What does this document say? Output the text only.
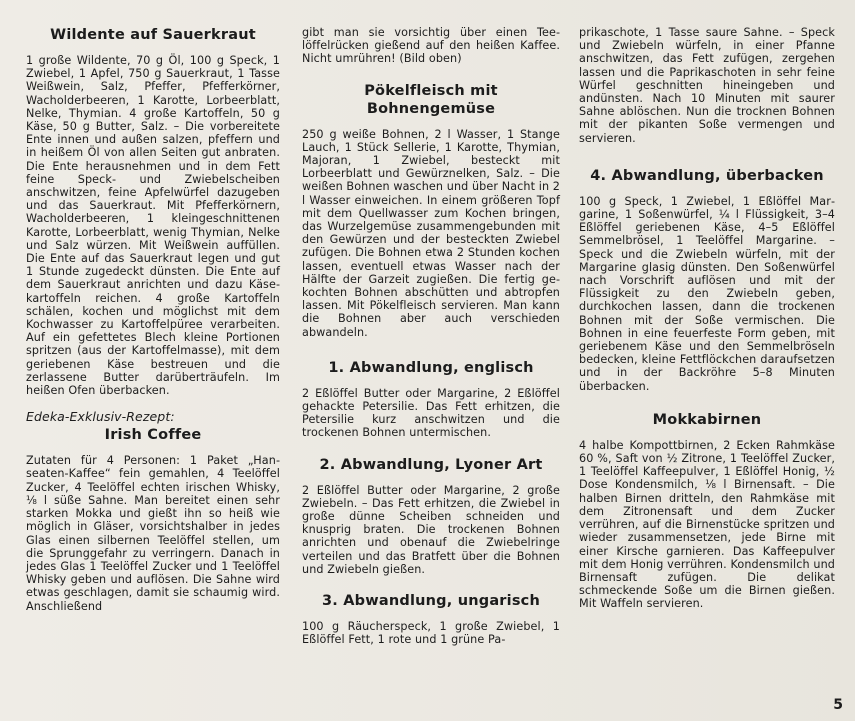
Wildente auf Sauerkraut

1 große Wildente, 70 g Öl, 100 g Speck, 1 Zwiebel, 1 Apfel, 750 g Sauerkraut, 1 Tasse Weißwein, Salz, Pfeffer, Pfefferkörner, Wacholderbeeren, 1 Karotte, Lorbeerblatt, Nelke, Thymian. 4 große Kartoffeln, 50 g Käse, 50 g Butter, Salz. – Die vorbereitete Ente innen und außen salzen, pfeffern und in heißem Öl von allen Seiten gut anbraten. Die Ente herausnehmen und in dem Fett feine Speck- und Zwiebelscheiben anschwitzen, feine Apfelwürfel dazugeben und das Sauerkraut. Mit Pfefferkörnern, Wacholderbeeren, 1 kleingeschnittenen Karotte, Lorbeerblatt, wenig Thymian, Nelke und Salz würzen. Mit Weißwein auffüllen. Die Ente auf das Sauerkraut legen und gut 1 Stunde zugedeckt dünsten. Die Ente auf dem Sauerkraut anrichten und dazu Käsekartoffeln reichen. 4 große Kartoffeln schälen, kochen und möglichst mit dem Kochwasser zu Kartoffelpüree verarbeiten. Auf ein gefettetes Blech kleine Portionen spritzen (aus der Kartoffelmasse), mit dem geriebenen Käse bestreuen und die zerlassene Butter darüberträufeln. Im heißen Ofen überbacken.

Edeka-Exklusiv-Rezept:
Irish Coffee

Zutaten für 4 Personen: 1 Paket „Hanseaten-Kaffee“ fein gemahlen, 4 Teelöffel Zucker, 4 Teelöffel echten irischen Whisky, ⅛ l süße Sahne. Man bereitet einen sehr starken Mokka und gießt ihn so heiß wie möglich in Gläser, vorsichtshalber in jedes Glas einen silbernen Teelöffel stellen, um die Sprunggefahr zu verringern. Danach in jedes Glas 1 Teelöffel Zucker und 1 Teelöffel Whisky geben und auflösen. Die Sahne wird etwas geschlagen, damit sie schaumig wird. Anschließend

gibt man sie vorsichtig über einen Teelöffelrücken gießend auf den heißen Kaffee. Nicht umrühren! (Bild oben)

Pökelfleisch mit Bohnengemüse

250 g weiße Bohnen, 2 l Wasser, 1 Stange Lauch, 1 Stück Sellerie, 1 Karotte, Thymian, Majoran, 1 Zwiebel, besteckt mit Lorbeerblatt und Gewürznelken, Salz. – Die weißen Bohnen waschen und über Nacht in 2 l Wasser einweichen. In einem größeren Topf mit dem Quellwasser zum Kochen bringen, das Wurzelgemüse zusammengebunden mit den Gewürzen und der besteckten Zwiebel zufügen. Die Bohnen etwa 2 Stunden kochen lassen, eventuell etwas Wasser nach der Hälfte der Garzeit zugießen. Die fertig gekochten Bohnen abschütten und abtropfen lassen. Mit Pökelfleisch servieren. Man kann die Bohnen aber auch verschieden abwandeln.

1. Abwandlung, englisch

2 Eßlöffel Butter oder Margarine, 2 Eßlöffel gehackte Petersilie. Das Fett erhitzen, die Petersilie kurz anschwitzen und die trockenen Bohnen untermischen.

2. Abwandlung, Lyoner Art

2 Eßlöffel Butter oder Margarine, 2 große Zwiebeln. – Das Fett erhitzen, die Zwiebel in große dünne Scheiben schneiden und knusprig braten. Die trockenen Bohnen anrichten und obenauf die Zwiebelringe verteilen und das Bratfett über die Bohnen und Zwiebeln gießen.

3. Abwandlung, ungarisch

100 g Räucherspeck, 1 große Zwiebel, 1 Eßlöffel Fett, 1 rote und 1 grüne Pa-

prikaschote, 1 Tasse saure Sahne. – Speck und Zwiebeln würfeln, in einer Pfanne anschwitzen, das Fett zufügen, zergehen lassen und die Paprikaschoten in sehr feine Würfel geschnitten hineingeben und andünsten. Nach 10 Minuten mit saurer Sahne ablöschen. Nun die trocknen Bohnen mit der pikanten Soße vermengen und servieren.

4. Abwandlung, überbacken

100 g Speck, 1 Zwiebel, 1 Eßlöffel Margarine, 1 Soßenwürfel, ¼ l Flüssigkeit, 3–4 Eßlöffel geriebenen Käse, 4–5 Eßlöffel Semmelbrösel, 1 Teelöffel Margarine. – Speck und die Zwiebeln würfeln, mit der Margarine glasig dünsten. Den Soßenwürfel nach Vorschrift auflösen und mit der Flüssigkeit zu den Zwiebeln geben, durchkochen lassen, dann die trockenen Bohnen mit der Soße vermischen. Die Bohnen in eine feuerfeste Form geben, mit geriebenem Käse und den Semmelbröseln bedecken, kleine Fettflöckchen daraufsetzen und in der Backröhre 5–8 Minuten überbacken.

Mokkabirnen

4 halbe Kompottbirnen, 2 Ecken Rahmkäse 60 %, Saft von ½ Zitrone, 1 Teelöffel Zucker, 1 Teelöffel Kaffeepulver, 1 Eßlöffel Honig, ½ Dose Kondensmilch, ⅛ l Birnensaft. – Die halben Birnen dritteln, den Rahmkäse mit dem Zitronensaft und dem Zucker verrühren, auf die Birnenstücke spritzen und wieder zusammensetzen, jede Birne mit einer Kirsche garnieren. Das Kaffeepulver mit dem Honig verrühren. Kondensmilch und Birnensaft zufügen. Die delikat schmeckende Soße um die Birnen gießen. Mit Waffeln servieren.

5
